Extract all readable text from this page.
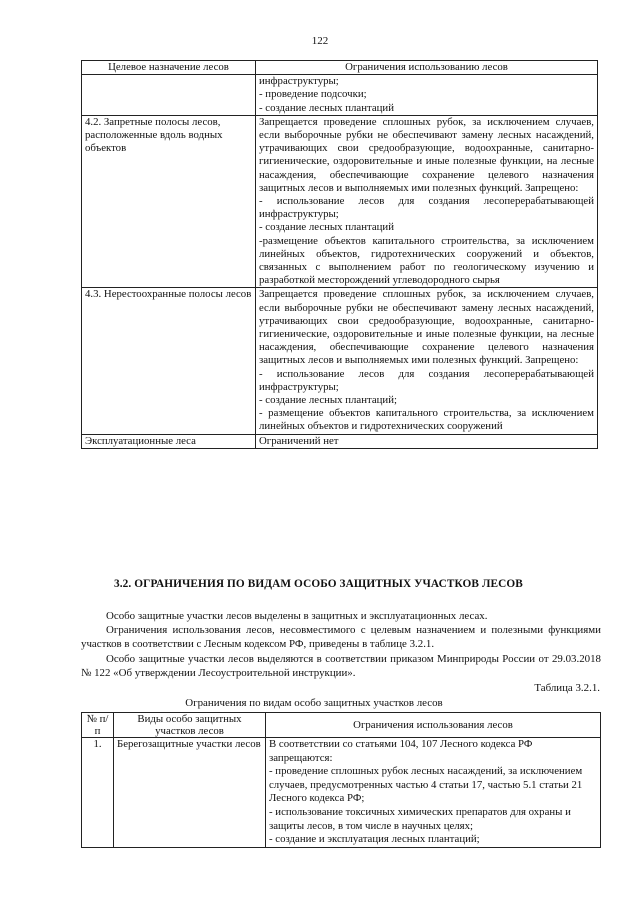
122
Целевое назначение лесов	Ограничения использованию лесов

	инфраструктуры;

- проведение подсочки;

- создание лесных плантаций

4.2. Запретные полосы лесов, расположенные вдоль водных объектов	Запрещается проведение сплошных рубок, за исключением случаев, если выборочные рубки не обеспечивают замену лесных насаждений, утрачивающих свои средообразующие, водоохранные, санитарно-гигиенические, оздоровительные и иные полезные функции, на лесные насаждения, обеспечивающие сохранение целевого назначения защитных лесов и выполняемых ими полезных функций. Запрещено:

- использование лесов для создания лесоперерабатывающей инфраструктуры;

- создание лесных плантаций

-размещение объектов капитального строительства, за исключением линейных объектов, гидротехнических сооружений и объектов, связанных с выполнением работ по геологическому изучению и разработкой месторождений углеводородного сырья

4.3. Нерестоохранные полосы лесов	Запрещается проведение сплошных рубок, за исключением случаев, если выборочные рубки не обеспечивают замену лесных насаждений, утрачивающих свои средообразующие, водоохранные, санитарно-гигиенические, оздоровительные и иные полезные функции, на лесные насаждения, обеспечивающие сохранение целевого назначения защитных лесов и выполняемых ими полезных функций. Запрещено:

- использование лесов для создания лесоперерабатывающей инфраструктуры;

- создание лесных плантаций;

- размещение объектов капитального строительства, за исключением линейных объектов и гидротехнических сооружений

Эксплуатационные леса	Ограничений нет
3.2. ОГРАНИЧЕНИЯ ПО ВИДАМ ОСОБО ЗАЩИТНЫХ УЧАСТКОВ ЛЕСОВ

Особо защитные участки лесов выделены в защитных и эксплуатационных лесах.

Ограничения использования лесов, несовместимого с целевым назначением и полезными функциями участков в соответствии с Лесным кодексом РФ, приведены в таблице 3.2.1.

Особо защитные участки лесов выделяются в соответствии приказом Минприроды России от 29.03.2018 № 122 «Об утверждении Лесоустроительной инструкции».

Таблица 3.2.1.
Ограничения по видам особо защитных участков лесов
№ п/п	Виды особо защитных участков лесов	Ограничения использования лесов
1.	Берегозащитные участки лесов	В соответствии со статьями 104, 107 Лесного кодекса РФ запрещаются:
- проведение сплошных рубок лесных насаждений, за исключением случаев, предусмотренных частью 4 статьи 17, частью 5.1 статьи 21 Лесного кодекса РФ;
- использование токсичных химических препаратов для охраны и защиты лесов, в том числе в научных целях;
- создание и эксплуатация лесных плантаций;
